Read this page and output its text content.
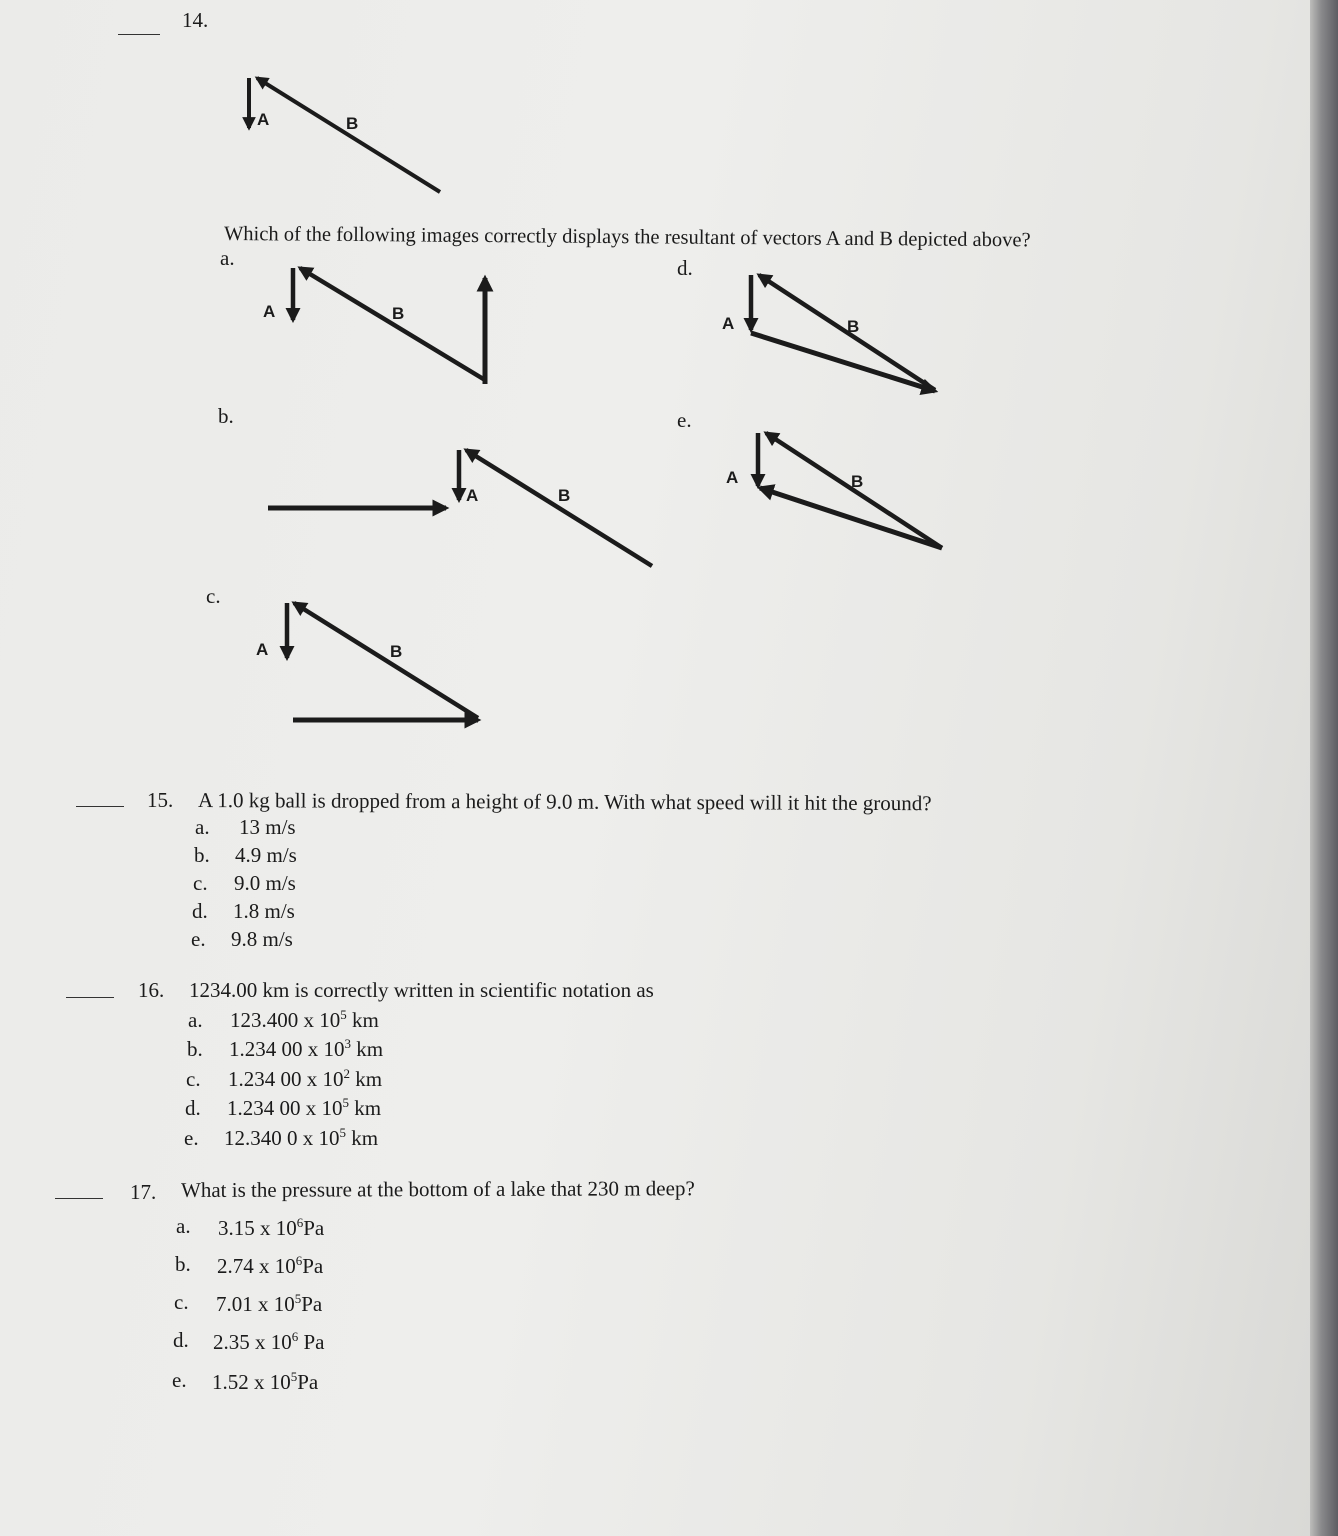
14.
A	B
A	B
A	B
A	B
A	B
A	B
Which of the following images correctly displays the resultant of vectors A and B depicted above?
a.
b.
c.
d.
e.
15. A 1.0 kg ball is dropped from a height of 9.0 m. With what speed will it hit the ground?
a. 13 m/s
b. 4.9 m/s
c. 9.0 m/s
d. 1.8 m/s
e. 9.8 m/s
16. 1234.00 km is correctly written in scientific notation as
a. 123.400 x $10^5$ km
b. 1.234 00 x $10^3$ km
c. 1.234 00 x $10^2$ km
d. 1.234 00 x $10^5$ km
e. 12.340 0 x $10^5$ km
17. What is the pressure at the bottom of a lake that 230 m deep?
a. 3.15 x $10^6Pa$
b. 2.74 x $10^6Pa$
c. 7.01 x $10^5Pa$
d. 2.35 x $10^6$ Pa
e. 1.52 x $10^5Pa$
